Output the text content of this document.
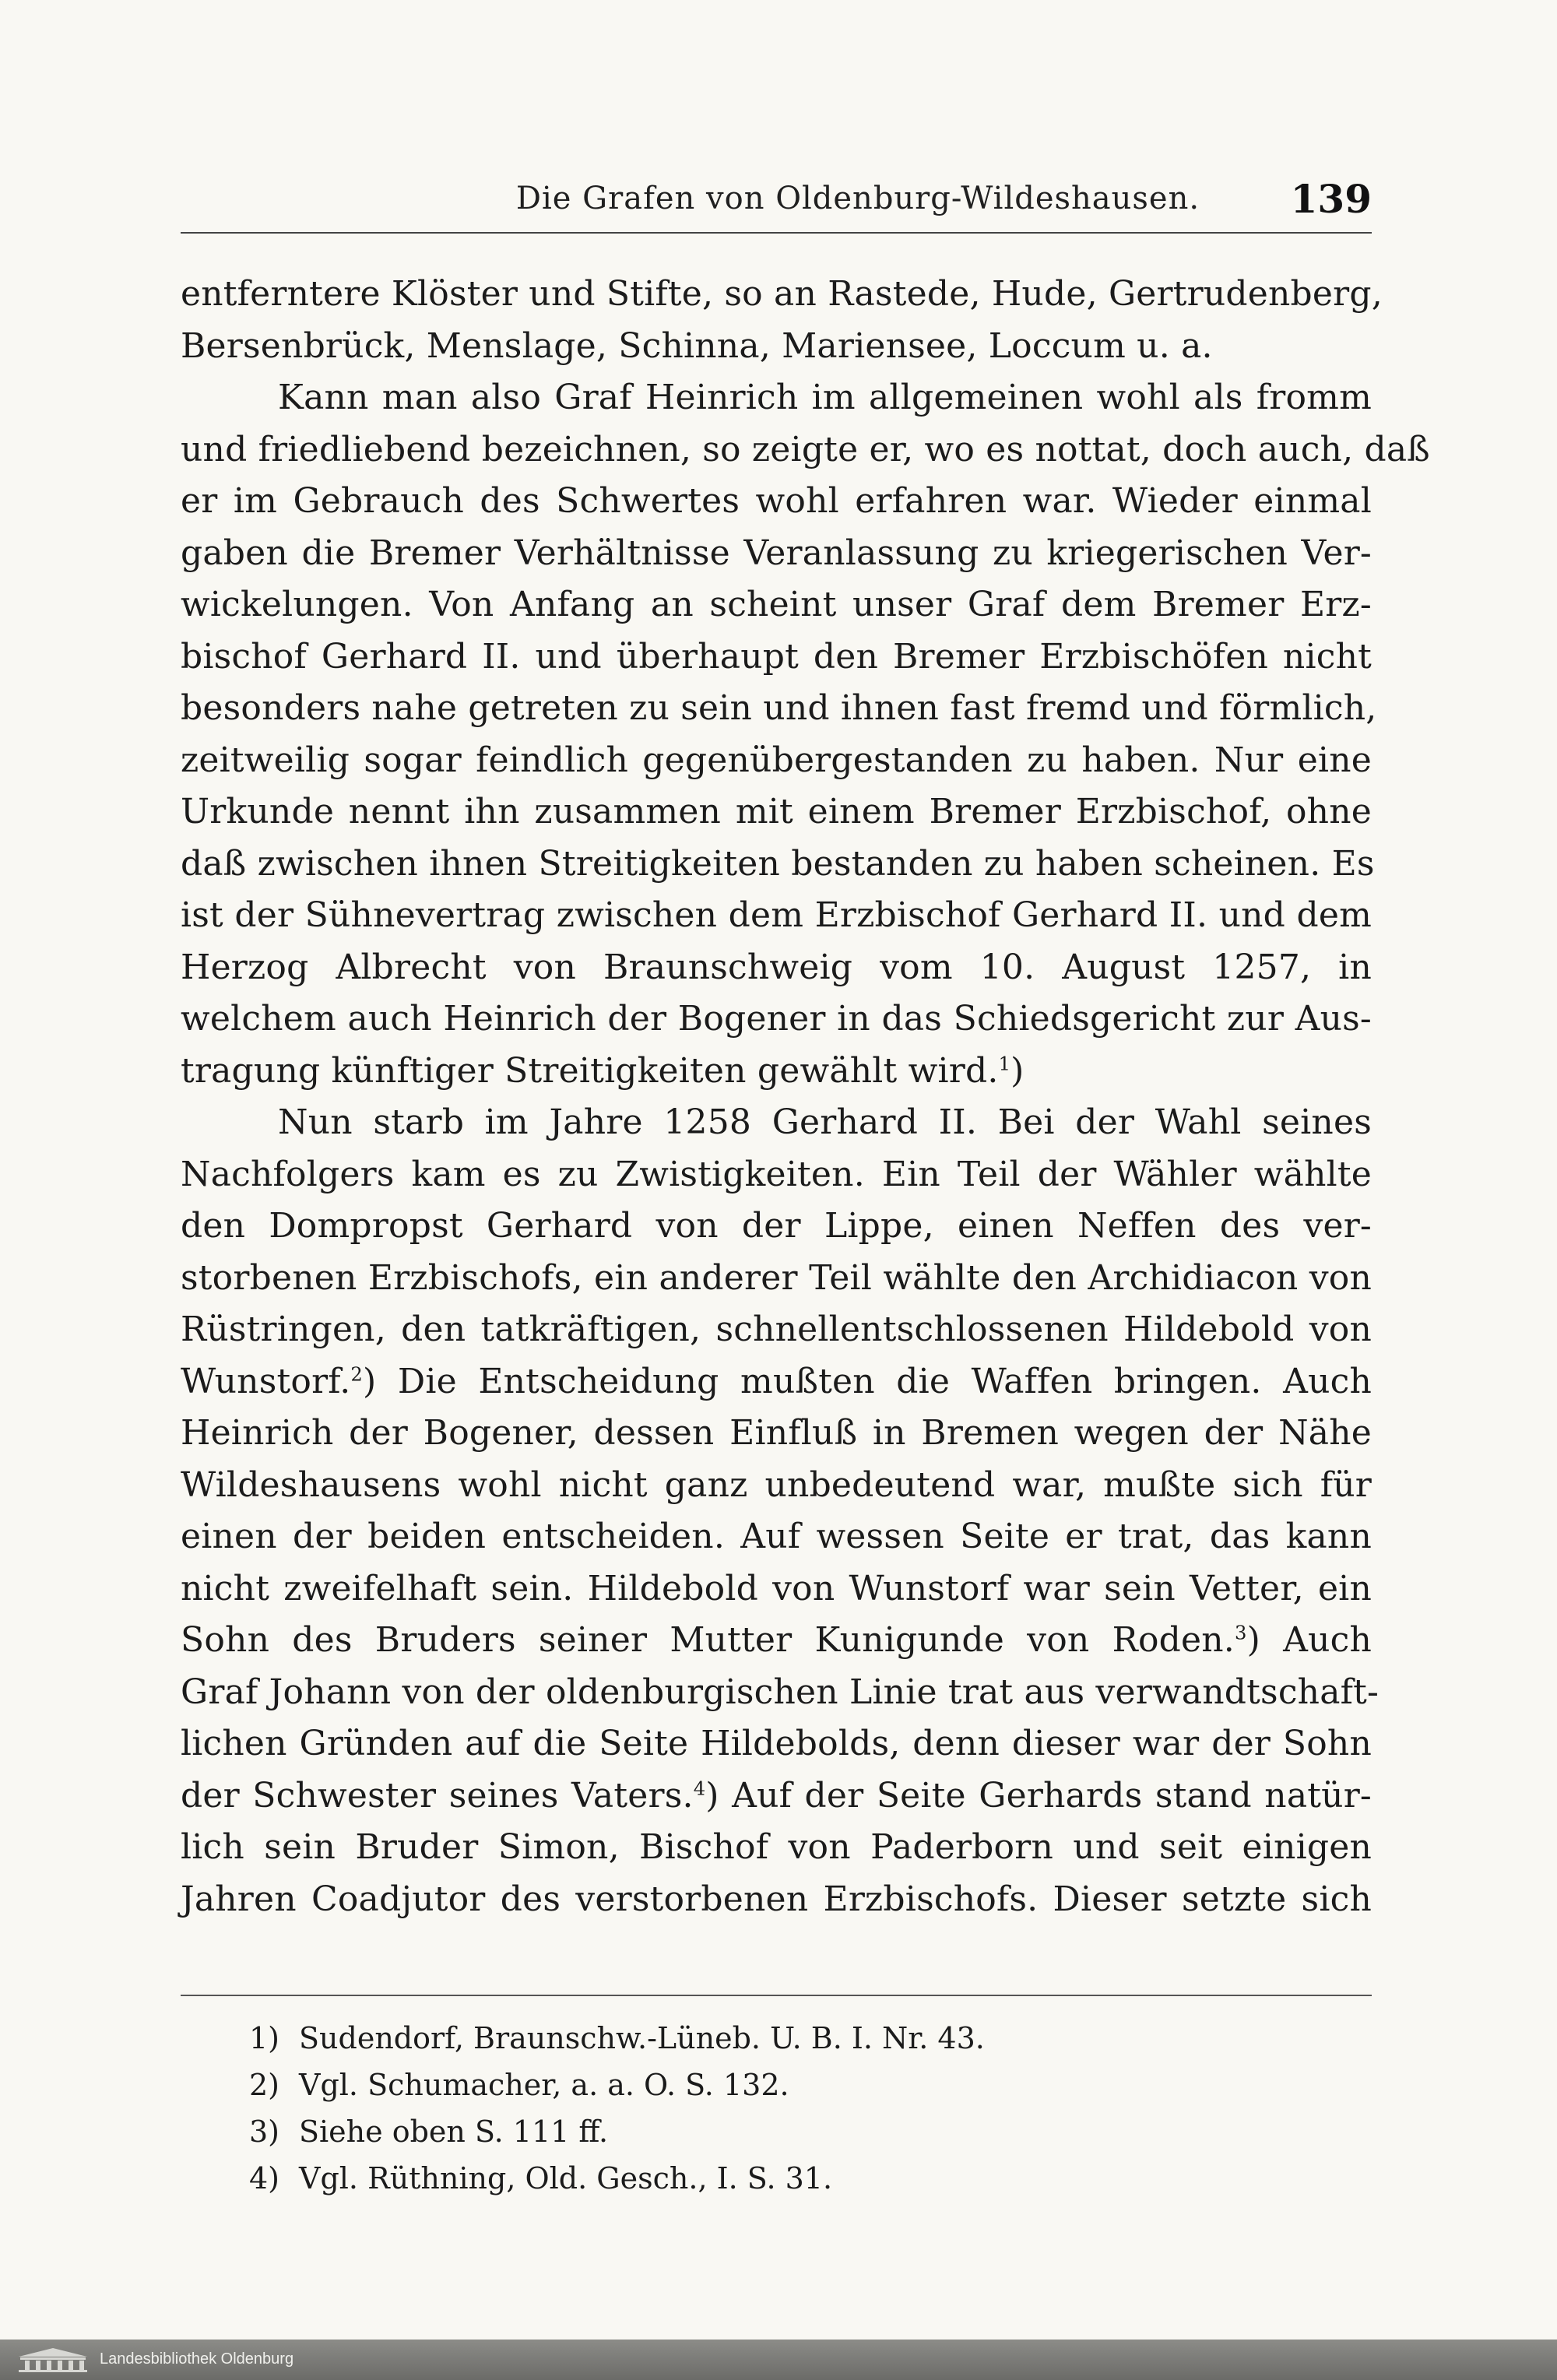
Die Grafen von Oldenburg-Wildeshausen.	139
entferntere Klöster und Stifte, so an Rastede, Hude, Gertrudenberg,
Bersenbrück, Menslage, Schinna, Mariensee, Loccum u. a.
Kann man also Graf Heinrich im allgemeinen wohl als fromm
und friedliebend bezeichnen, so zeigte er, wo es nottat, doch auch, daß
er im Gebrauch des Schwertes wohl erfahren war. Wieder einmal
gaben die Bremer Verhältnisse Veranlassung zu kriegerischen Ver-
wickelungen. Von Anfang an scheint unser Graf dem Bremer Erz-
bischof Gerhard II. und überhaupt den Bremer Erzbischöfen nicht
besonders nahe getreten zu sein und ihnen fast fremd und förmlich,
zeitweilig sogar feindlich gegenübergestanden zu haben. Nur eine
Urkunde nennt ihn zusammen mit einem Bremer Erzbischof, ohne
daß zwischen ihnen Streitigkeiten bestanden zu haben scheinen. Es
ist der Sühnevertrag zwischen dem Erzbischof Gerhard II. und dem
Herzog Albrecht von Braunschweig vom 10. August 1257, in
welchem auch Heinrich der Bogener in das Schiedsgericht zur Aus-
tragung künftiger Streitigkeiten gewählt wird.$^1$)
Nun starb im Jahre 1258 Gerhard II. Bei der Wahl seines
Nachfolgers kam es zu Zwistigkeiten. Ein Teil der Wähler wählte
den Dompropst Gerhard von der Lippe, einen Neffen des ver-
storbenen Erzbischofs, ein anderer Teil wählte den Archidiacon von
Rüstringen, den tatkräftigen, schnellentschlossenen Hildebold von
Wunstorf.$^2$) Die Entscheidung mußten die Waffen bringen. Auch
Heinrich der Bogener, dessen Einfluß in Bremen wegen der Nähe
Wildeshausens wohl nicht ganz unbedeutend war, mußte sich für
einen der beiden entscheiden. Auf wessen Seite er trat, das kann
nicht zweifelhaft sein. Hildebold von Wunstorf war sein Vetter, ein
Sohn des Bruders seiner Mutter Kunigunde von Roden.$^3$) Auch
Graf Johann von der oldenburgischen Linie trat aus verwandtschaft-
lichen Gründen auf die Seite Hildebolds, denn dieser war der Sohn
der Schwester seines Vaters.$^4$) Auf der Seite Gerhards stand natür-
lich sein Bruder Simon, Bischof von Paderborn und seit einigen
Jahren Coadjutor des verstorbenen Erzbischofs. Dieser setzte sich
1) Sudendorf, Braunschw.-Lüneb. U. B. I. Nr. 43.
2) Vgl. Schumacher, a. a. O. S. 132.
3) Siehe oben S. 111 ff.
4) Vgl. Rüthning, Old. Gesch., I. S. 31.
Landesbibliothek Oldenburg
